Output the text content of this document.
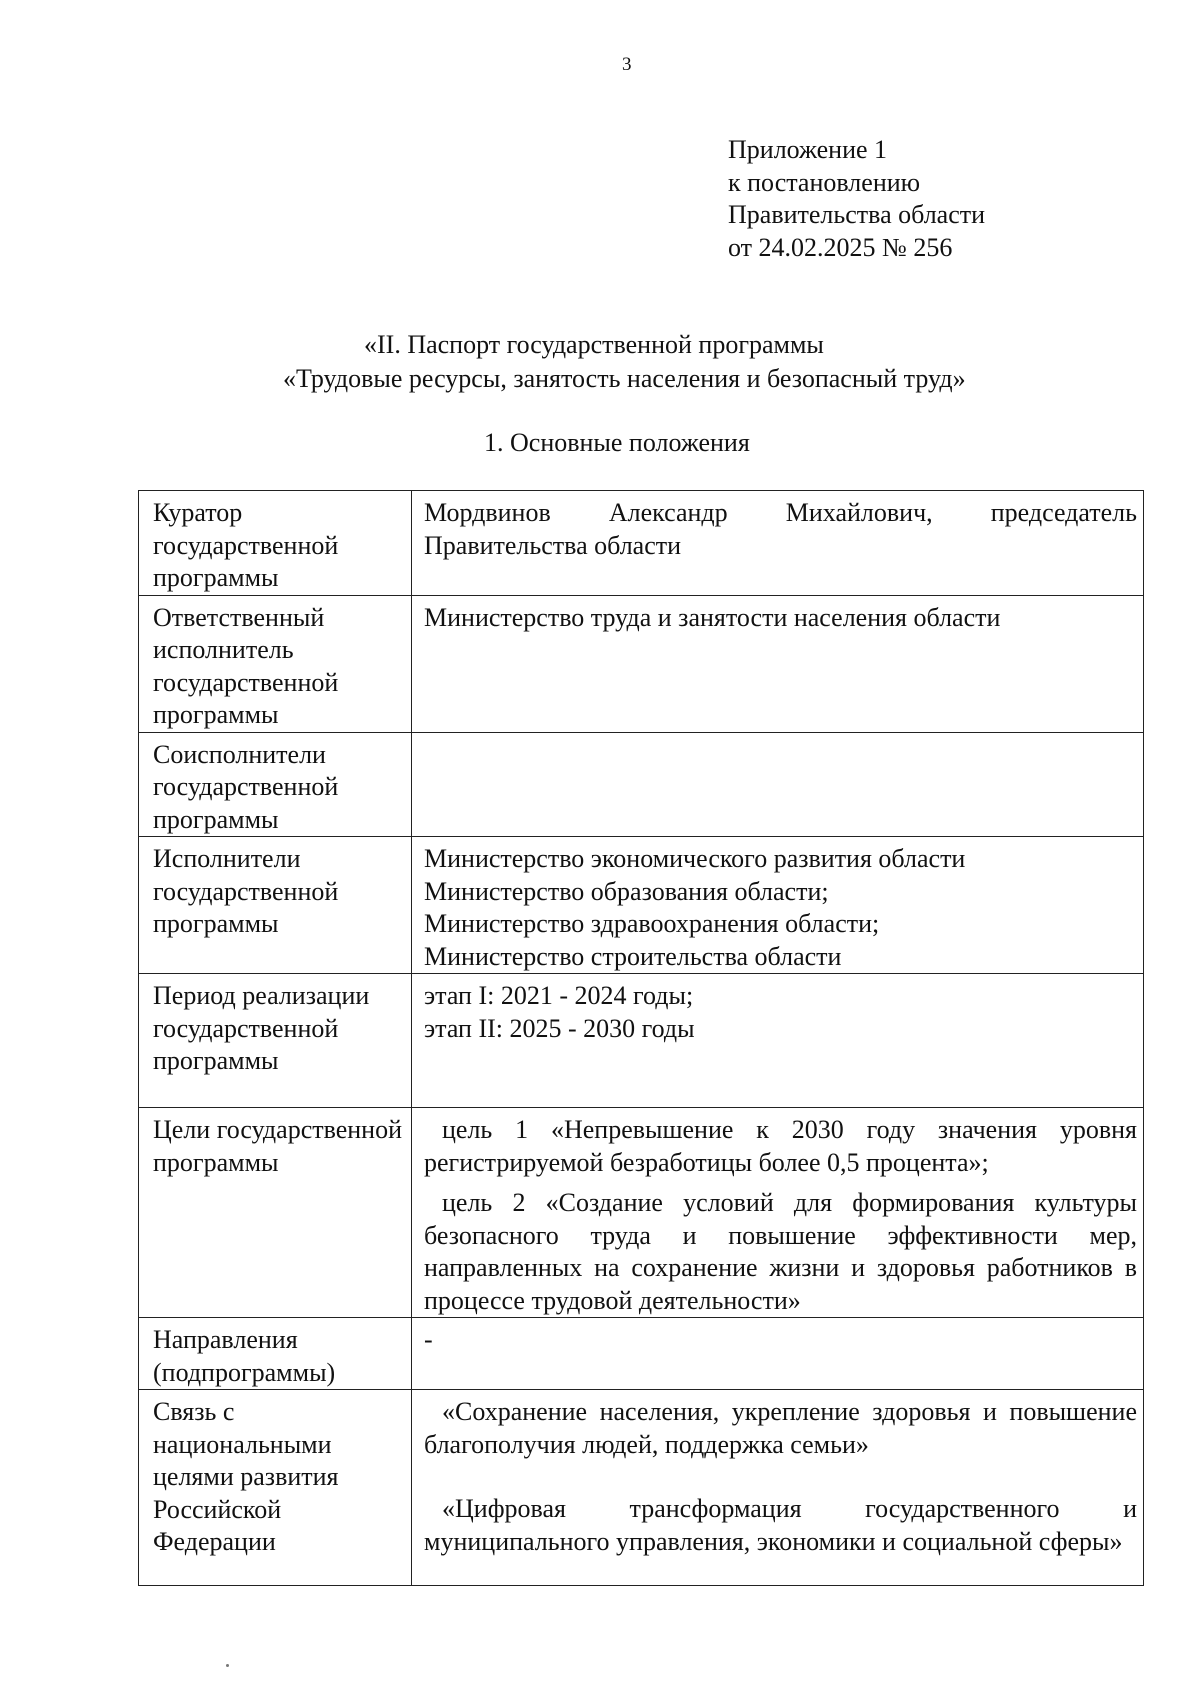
3
Приложение 1
к постановлению
Правительства области
от 24.02.2025 № 256
«II. Паспорт государственной программы
«Трудовые ресурсы, занятость населения и безопасный труд»
1. Основные положения
Куратор государственной программы	Мордвинов Александр Михайлович, председатель Правительства области

Ответственный исполнитель государственной программы	Министерство труда и занятости населения области

Соисполнители государственной программы	

Исполнители государственной программы	Министерство экономического развития области
Министерство образования области;
Министерство здравоохранения области;
Министерство строительства области

Период реализации государственной программы	этап I: 2021 - 2024 годы;
этап II: 2025 - 2030 годы

Цели государственной программы	цель 1 «Непревышение к 2030 году значения уровня регистрируемой безработицы более 0,5 процента»;
цель 2 «Создание условий для формирования культуры безопасного труда и повышение эффективности мер, направленных на сохранение жизни и здоровья работников в процессе трудовой деятельности»

Направления (подпрограммы)	-

Связь с национальными целями развития Российской Федерации	«Сохранение населения, укрепление здоровья и повышение благополучия людей, поддержка семьи»
«Цифровая трансформация государственного и муниципального управления, экономики и социальной сферы»
